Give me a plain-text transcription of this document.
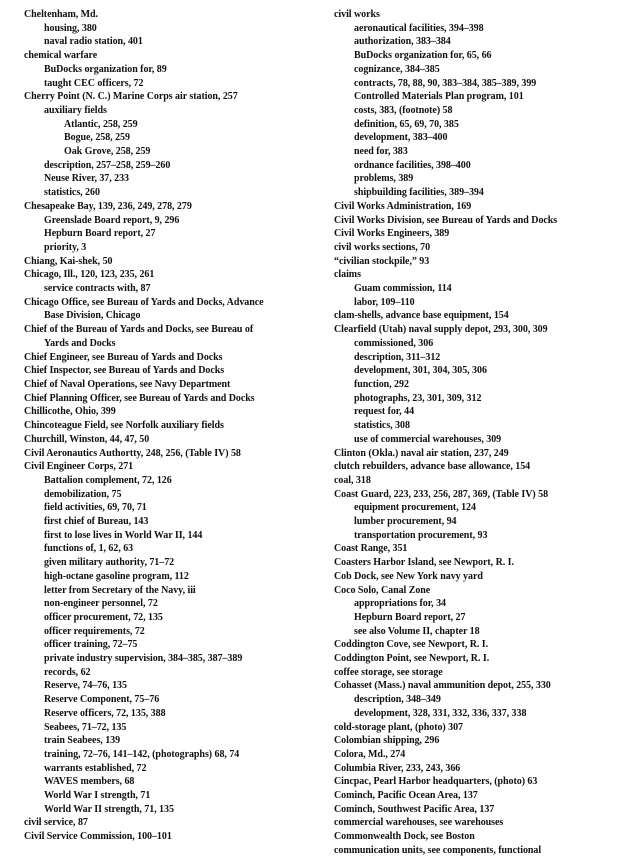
Cheltenham, Md.
housing, 380
naval radio station, 401
chemical warfare
BuDocks organization for, 89
taught CEC officers, 72
Cherry Point (N. C.) Marine Corps air station, 257
auxiliary fields
Atlantic, 258, 259
Bogue, 258, 259
Oak Grove, 258, 259
description, 257–258, 259–260
Neuse River, 37, 233
statistics, 260
Chesapeake Bay, 139, 236, 249, 278, 279
Greenslade Board report, 9, 296
Hepburn Board report, 27
priority, 3
Chiang, Kai-shek, 50
Chicago, Ill., 120, 123, 235, 261
service contracts with, 87
Chicago Office, see Bureau of Yards and Docks, Advance
Base Division, Chicago
Chief of the Bureau of Yards and Docks, see Bureau of
Yards and Docks
Chief Engineer, see Bureau of Yards and Docks
Chief Inspector, see Bureau of Yards and Docks
Chief of Naval Operations, see Navy Department
Chief Planning Officer, see Bureau of Yards and Docks
Chillicothe, Ohio, 399
Chincoteague Field, see Norfolk auxiliary fields
Churchill, Winston, 44, 47, 50
Civil Aeronautics Authortty, 248, 256, (Table IV) 58
Civil Engineer Corps, 271
Battalion complement, 72, 126
demobilization, 75
field activities, 69, 70, 71
first chief of Bureau, 143
first to lose lives in World War II, 144
functions of, 1, 62, 63
given military authority, 71–72
high-octane gasoline program, 112
letter from Secretary of the Navy, iii
non-engineer personnel, 72
officer procurement, 72, 135
officer requirements, 72
officer training, 72–75
private industry supervision, 384–385, 387–389
records, 62
Reserve, 74–76, 135
Reserve Component, 75–76
Reserve officers, 72, 135, 388
Seabees, 71–72, 135
train Seabees, 139
training, 72–76, 141–142, (photographs) 68, 74
warrants established, 72
WAVES members, 68
World War I strength, 71
World War II strength, 71, 135
civil service, 87
Civil Service Commission, 100–101
civil works
aeronautical facilities, 394–398
authorization, 383–384
BuDocks organization for, 65, 66
cognizance, 384–385
contracts, 78, 88, 90, 383–384, 385–389, 399
Controlled Materials Plan program, 101
costs, 383, (footnote) 58
definition, 65, 69, 70, 385
development, 383–400
need for, 383
ordnance facilities, 398–400
problems, 389
shipbuilding facilities, 389–394
Civil Works Administration, 169
Civil Works Division, see Bureau of Yards and Docks
Civil Works Engineers, 389
civil works sections, 70
“civilian stockpile,” 93
claims
Guam commission, 114
labor, 109–110
clam-shells, advance base equipment, 154
Clearfield (Utah) naval supply depot, 293, 300, 309
commissioned, 306
description, 311–312
development, 301, 304, 305, 306
function, 292
photographs, 23, 301, 309, 312
request for, 44
statistics, 308
use of commercial warehouses, 309
Clinton (Okla.) naval air station, 237, 249
clutch rebuilders, advance base allowance, 154
coal, 318
Coast Guard, 223, 233, 256, 287, 369, (Table IV) 58
equipment procurement, 124
lumber procurement, 94
transportation procurement, 93
Coast Range, 351
Coasters Harbor Island, see Newport, R. I.
Cob Dock, see New York navy yard
Coco Solo, Canal Zone
appropriations for, 34
Hepburn Board report, 27
see also Volume II, chapter 18
Coddington Cove, see Newport, R. I.
Coddington Point, see Newport, R. I.
coffee storage, see storage
Cohasset (Mass.) naval ammunition depot, 255, 330
description, 348–349
development, 328, 331, 332, 336, 337, 338
cold-storage plant, (photo) 307
Colombian shipping, 296
Colora, Md., 274
Columbia River, 233, 243, 366
Cincpac, Pearl Harbor headquarters, (photo) 63
Cominch, Pacific Ocean Area, 137
Cominch, Southwest Pacific Area, 137
commercial warehouses, see warehouses
Commonwealth Dock, see Boston
communication units, see components, functional
